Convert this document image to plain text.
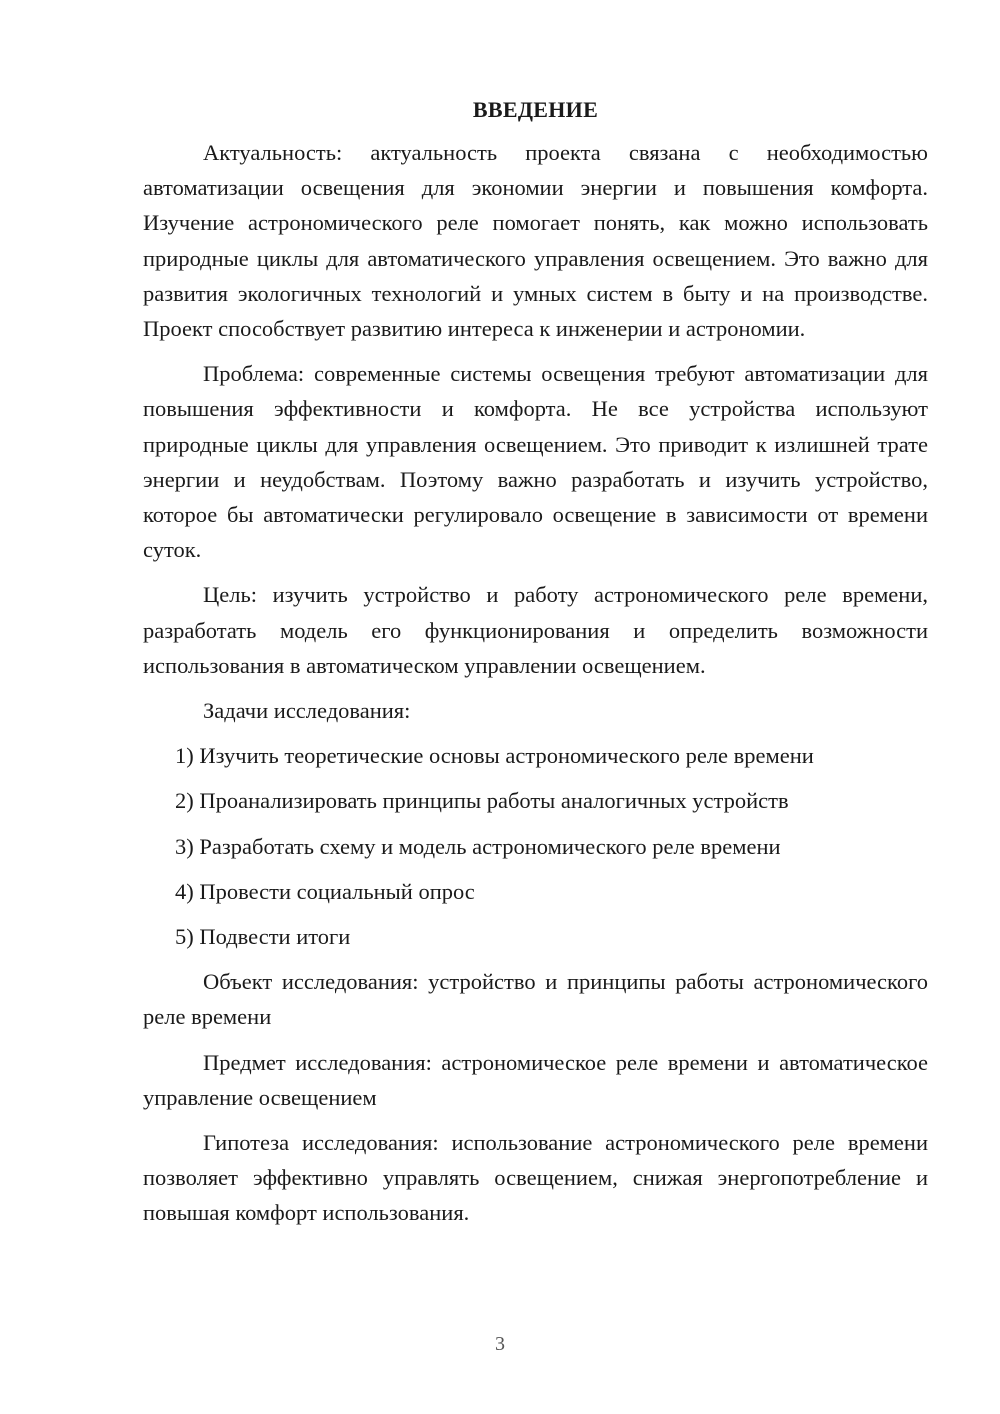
ВВЕДЕНИЕ

Актуальность: актуальность проекта связана с необходимостью автоматизации освещения для экономии энергии и повышения комфорта. Изучение астрономического реле помогает понять, как можно использовать природные циклы для автоматического управления освещением. Это важно для развития экологичных технологий и умных систем в быту и на производстве. Проект способствует развитию интереса к инженерии и астрономии.

Проблема: современные системы освещения требуют автоматизации для повышения эффективности и комфорта. Не все устройства используют природные циклы для управления освещением. Это приводит к излишней трате энергии и неудобствам. Поэтому важно разработать и изучить устройство, которое бы автоматически регулировало освещение в зависимости от времени суток.

Цель: изучить устройство и работу астрономического реле времени, разработать модель его функционирования и определить возможности использования в автоматическом управлении освещением.

Задачи исследования:

1) Изучить теоретические основы астрономического реле времени
2) Проанализировать принципы работы аналогичных устройств
3) Разработать схему и модель астрономического реле времени
4) Провести социальный опрос
5) Подвести итоги

Объект исследования: устройство и принципы работы астрономического реле времени

Предмет исследования: астрономическое реле времени и автоматическое управление освещением

Гипотеза исследования: использование астрономического реле времени позволяет эффективно управлять освещением, снижая энергопотребление и повышая комфорт использования.

3
